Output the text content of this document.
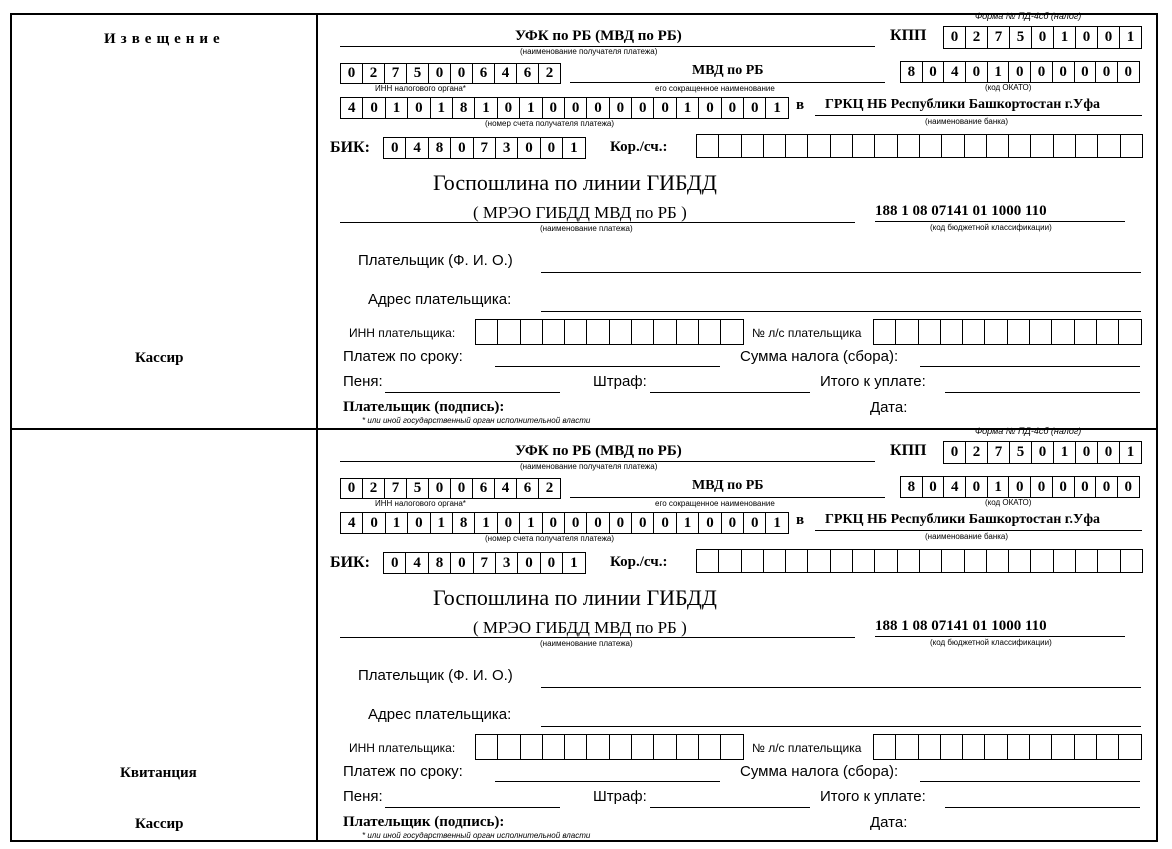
Извещение
Кассир
Форма № ПД-4сб (налог)
УФК по РБ (МВД по РБ)
(наименование получателя платежа)
КПП	0 2 7 5 0 1 0 0 1
0 2 7 5 0 0 6 4 6 2
ИНН налогового органа*
МВД по РБ
его сокращенное наименование
8 0 4 0 1 0 0 0 0 0 0
(код ОКАТО)
4 0 1 0 1 8 1 0 1 0 0 0 0 0 0 1 0 0 0 1
(номер счета получателя платежа)
в ГРКЦ НБ Республики Башкортостан г.Уфа
(наименование банка)
БИК:	0 4 8 0 7 3 0 0 1	Кор./сч.:
Госпошлина по линии ГИБДД
( МРЭО ГИБДД МВД по РБ )
(наименование платежа)
188 1 08 07141 01 1000 110
(код бюджетной классификации)
Плательщик (Ф. И. О.)
Адрес плательщика:
ИНН плательщика:	№ л/с плательщика
Платеж по сроку:	Сумма налога (сбора):
Пеня:	Штраф:	Итого к уплате:
Плательщик (подпись):	Дата:
* или иной государственный орган исполнительной власти
Квитанция
Кассир
Форма № ПД-4сб (налог)
УФК по РБ (МВД по РБ)
(наименование получателя платежа)
КПП	0 2 7 5 0 1 0 0 1
0 2 7 5 0 0 6 4 6 2
ИНН налогового органа*
МВД по РБ
его сокращенное наименование
8 0 4 0 1 0 0 0 0 0 0
(код ОКАТО)
4 0 1 0 1 8 1 0 1 0 0 0 0 0 0 1 0 0 0 1
(номер счета получателя платежа)
в ГРКЦ НБ Республики Башкортостан г.Уфа
(наименование банка)
БИК:	0 4 8 0 7 3 0 0 1	Кор./сч.:
Госпошлина по линии ГИБДД
( МРЭО ГИБДД МВД по РБ )
(наименование платежа)
188 1 08 07141 01 1000 110
(код бюджетной классификации)
Плательщик (Ф. И. О.)
Адрес плательщика:
ИНН плательщика:	№ л/с плательщика
Платеж по сроку:	Сумма налога (сбора):
Пеня:	Штраф:	Итого к уплате:
Плательщик (подпись):	Дата:
* или иной государственный орган исполнительной власти
